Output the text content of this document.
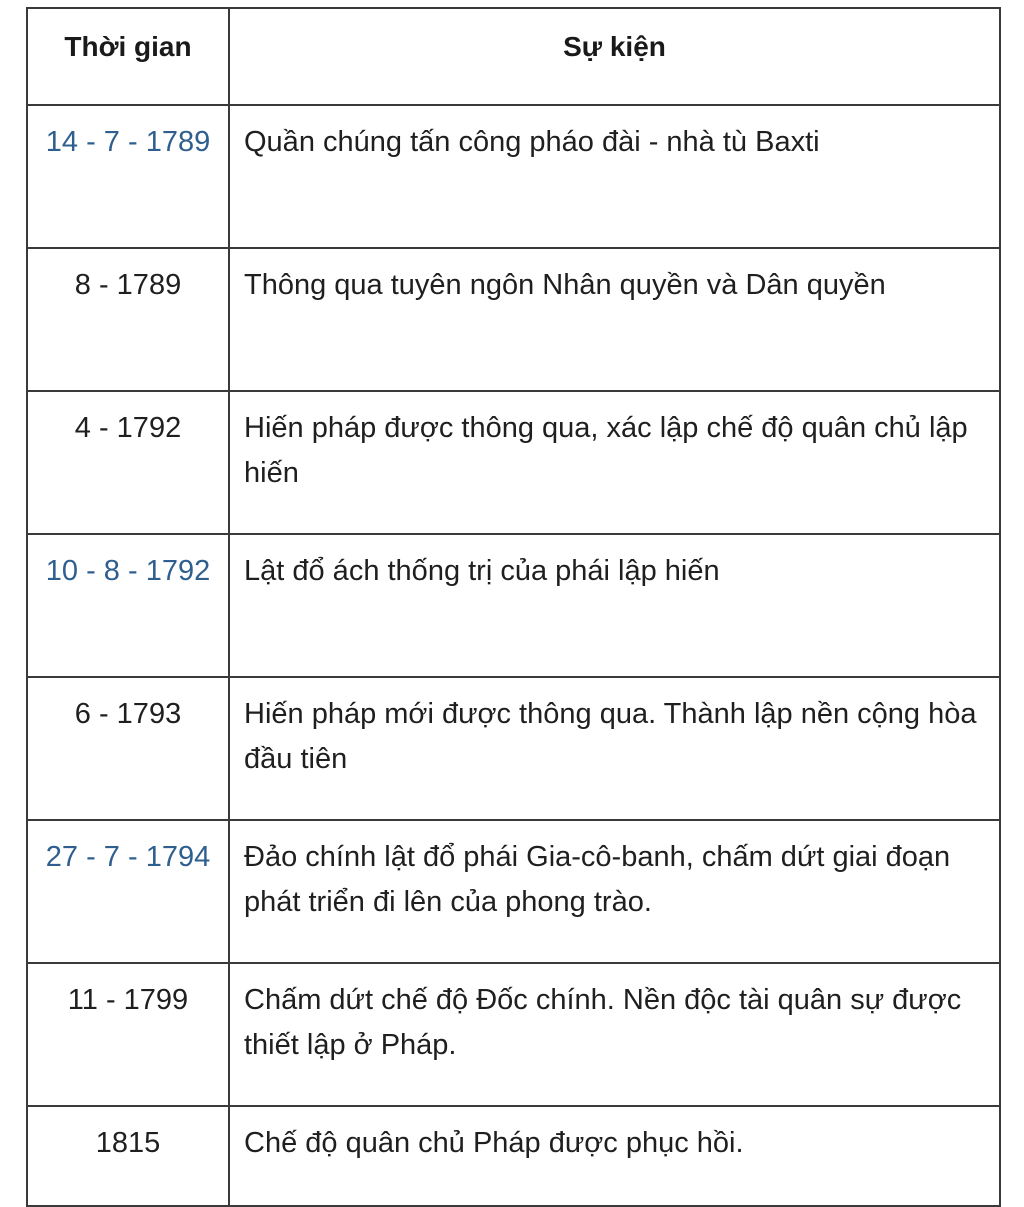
Thời gian	Sự kiện
14 - 7 - 1789	Quần chúng tấn công pháo đài - nhà tù Baxti
8 - 1789	Thông qua tuyên ngôn Nhân quyền và Dân quyền
4 - 1792	Hiến pháp được thông qua, xác lập chế độ quân chủ lập hiến
10 - 8 - 1792	Lật đổ ách thống trị của phái lập hiến
6 - 1793	Hiến pháp mới được thông qua. Thành lập nền cộng hòa đầu tiên
27 - 7 - 1794	Đảo chính lật đổ phái Gia-cô-banh, chấm dứt giai đoạn phát triển đi lên của phong trào.
11 - 1799	Chấm dứt chế độ Đốc chính. Nền độc tài quân sự được thiết lập ở Pháp.
1815	Chế độ quân chủ Pháp được phục hồi.
